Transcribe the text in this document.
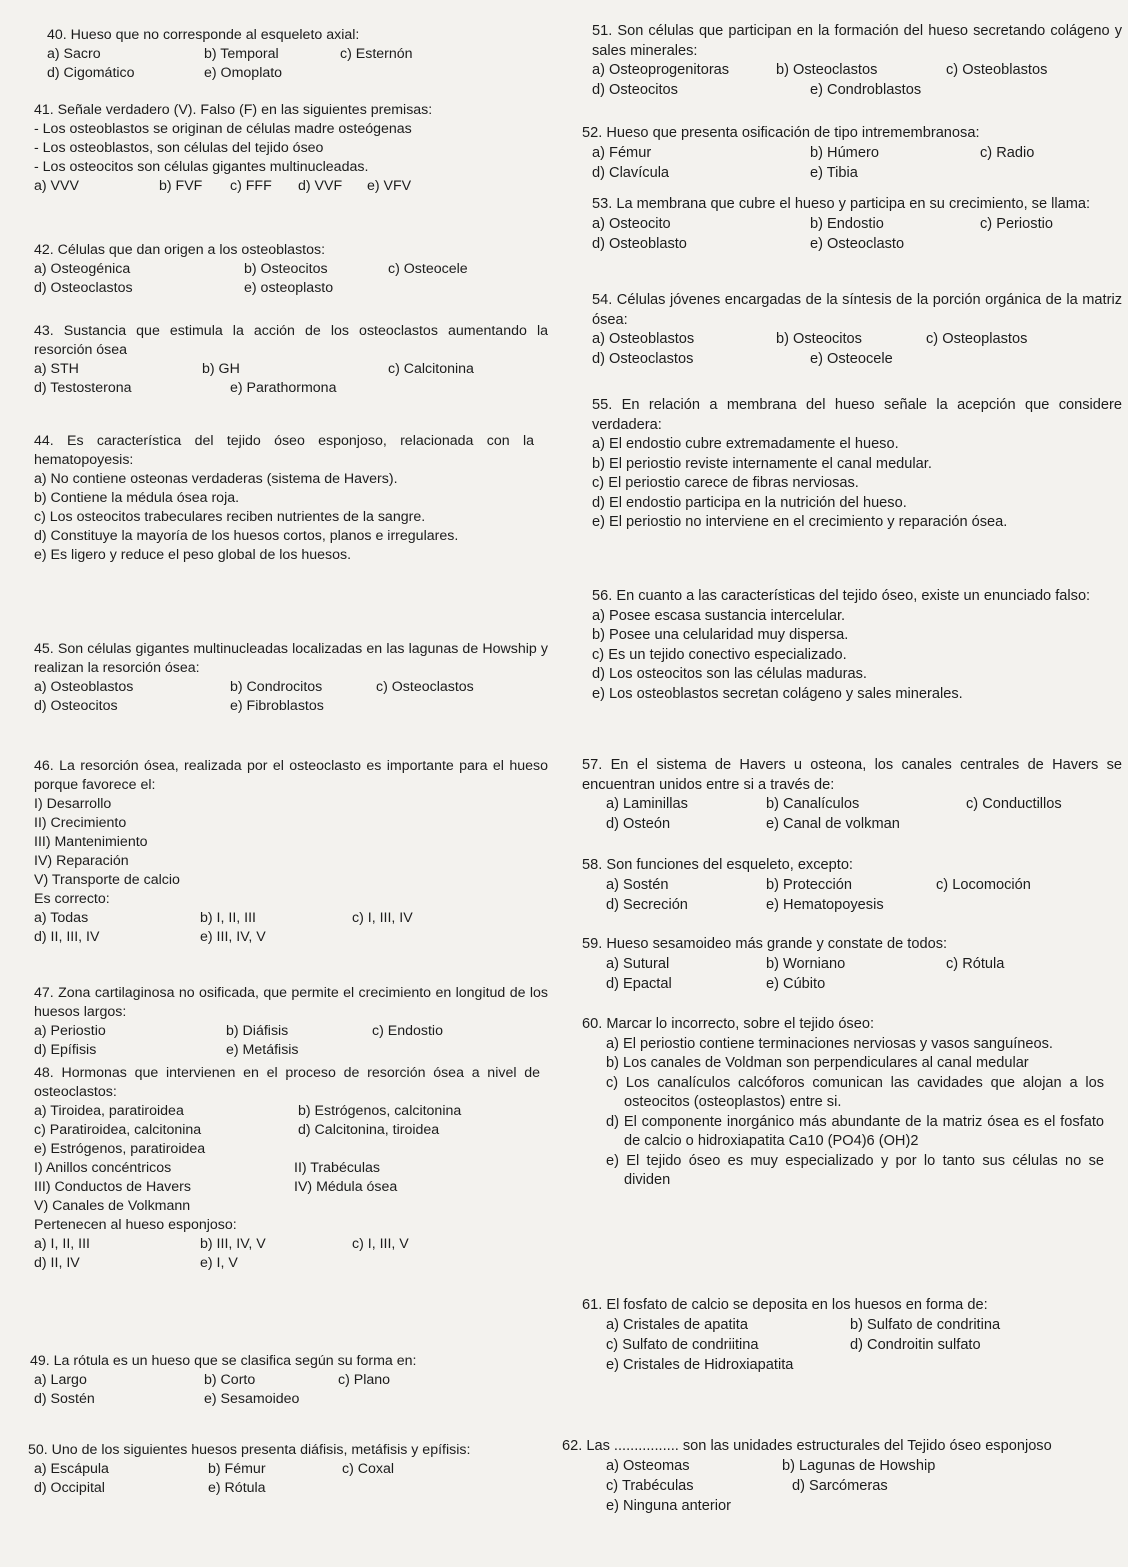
40. Hueso que no corresponde al esqueleto axial:

a) Sacro	b) Temporal	c) Esternón
d) Cigomático	e) Omoplato

41. Señale verdadero (V). Falso (F) en las siguientes premisas:

- Los osteoblastos se originan de células madre osteógenas

- Los osteoblastos, son células del tejido óseo

- Los osteocitos son células gigantes multinucleadas.

a) VVV	b) FVF c) FFF d) VVF e) VFV

42. Células que dan origen a los osteoblastos:

a) Osteogénica	b) Osteocitos	c) Osteocele
d) Osteoclastos	e) osteoplasto

43. Sustancia que estimula la acción de los osteoclastos aumentando la resorción ósea

a) STH	b) GH	c) Calcitonina
d) Testosterona	e) Parathormona

44. Es característica del tejido óseo esponjoso, relacionada con la hematopoyesis:

a) No contiene osteonas verdaderas (sistema de Havers).

b) Contiene la médula ósea roja.

c) Los osteocitos trabeculares reciben nutrientes de la sangre.

d) Constituye la mayoría de los huesos cortos, planos e irregulares.

e) Es ligero y reduce el peso global de los huesos.

45. Son células gigantes multinucleadas localizadas en las lagunas de Howship y realizan la resorción ósea:

a) Osteoblastos	b) Condrocitos	c) Osteoclastos
d) Osteocitos	e) Fibroblastos

46. La resorción ósea, realizada por el osteoclasto es importante para el hueso porque favorece el:

I) Desarrollo

II) Crecimiento

III) Mantenimiento

IV) Reparación

V) Transporte de calcio

Es correcto:

a) Todas	b) I, II, III	c) I, III, IV
d) II, III, IV	e) III, IV, V

47. Zona cartilaginosa no osificada, que permite el crecimiento en longitud de los huesos largos:

a) Periostio	b) Diáfisis	c) Endostio
d) Epífisis	e) Metáfisis

48. Hormonas que intervienen en el proceso de resorción ósea a nivel de osteoclastos:

a) Tiroidea, paratiroidea	b) Estrógenos, calcitonina
c) Paratiroidea, calcitonina	d) Calcitonina, tiroidea
e) Estrógenos, paratiroidea
I) Anillos concéntricos	II) Trabéculas
III) Conductos de Havers	IV) Médula ósea
V) Canales de Volkmann
Pertenecen al hueso esponjoso:
a) I, II, III	b) III, IV, V	c) I, III, V
d) II, IV	e) I, V

49. La rótula es un hueso que se clasifica según su forma en:

a) Largo	b) Corto	c) Plano
d) Sostén	e) Sesamoideo

50. Uno de los siguientes huesos presenta diáfisis, metáfisis y epífisis:

a) Escápula	b) Fémur	c) Coxal
d) Occipital	e) Rótula

51. Son células que participan en la formación del hueso secretando colágeno y sales minerales:

a) Osteoprogenitoras	b) Osteoclastos	c) Osteoblastos
d) Osteocitos	e) Condroblastos

52. Hueso que presenta osificación de tipo intremembranosa:

a) Fémur	b) Húmero	c) Radio
d) Clavícula	e) Tibia

53. La membrana que cubre el hueso y participa en su crecimiento, se llama:

a) Osteocito	b) Endostio	c) Periostio
d) Osteoblasto	e) Osteoclasto

54. Células jóvenes encargadas de la síntesis de la porción orgánica de la matriz ósea:

a) Osteoblastos	b) Osteocitos	c) Osteoplastos
d) Osteoclastos	e) Osteocele

55. En relación a membrana del hueso señale la acepción que considere verdadera:

a) El endostio cubre extremadamente el hueso.

b) El periostio reviste internamente el canal medular.

c) El periostio carece de fibras nerviosas.

d) El endostio participa en la nutrición del hueso.

e) El periostio no interviene en el crecimiento y reparación ósea.

56. En cuanto a las características del tejido óseo, existe un enunciado falso:

a) Posee escasa sustancia intercelular.

b) Posee una celularidad muy dispersa.

c) Es un tejido conectivo especializado.

d) Los osteocitos son las células maduras.

e) Los osteoblastos secretan colágeno y sales minerales.

57. En el sistema de Havers u osteona, los canales centrales de Havers se encuentran unidos entre si a través de:

a) Laminillas	b) Canalículos	c) Conductillos
d) Osteón	e) Canal de volkman

58. Son funciones del esqueleto, excepto:

a) Sostén	b) Protección	c) Locomoción
d) Secreción	e) Hematopoyesis

59. Hueso sesamoideo más grande y constate de todos:

a) Sutural	b) Worniano	c) Rótula
d) Epactal	e) Cúbito

60. Marcar lo incorrecto, sobre el tejido óseo:

a) El periostio contiene terminaciones nerviosas y vasos sanguíneos.

b) Los canales de Voldman son perpendiculares al canal medular

c) Los canalículos calcóforos comunican las cavidades que alojan a los osteocitos (osteoplastos) entre si.

d) El componente inorgánico más abundante de la matriz ósea es el fosfato de calcio o hidroxiapatita Ca10 (PO4)6 (OH)2

e) El tejido óseo es muy especializado y por lo tanto sus células no se dividen

61. El fosfato de calcio se deposita en los huesos en forma de:

a) Cristales de apatita	b) Sulfato de condritina
c) Sulfato de condriitina	d) Condroitin sulfato
e) Cristales de Hidroxiapatita

62. Las ................ son las unidades estructurales del Tejido óseo esponjoso

a) Osteomas	b) Lagunas de Howship
c) Trabéculas	d) Sarcómeras
e) Ninguna anterior
